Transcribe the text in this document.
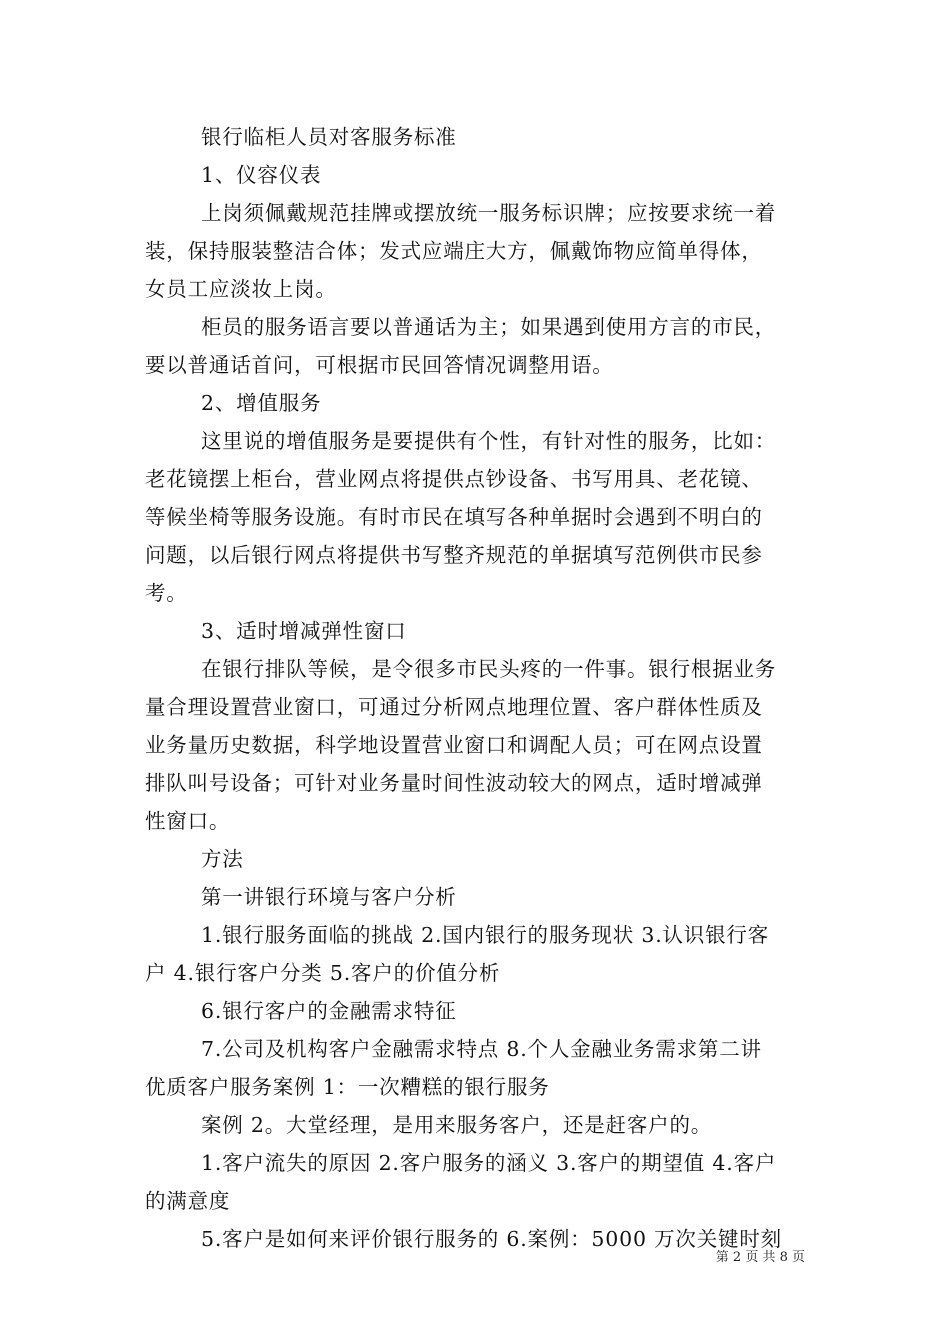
银行临柜人员对客服务标准

1、仪容仪表

上岗须佩戴规范挂牌或摆放统一服务标识牌；应按要求统一着

装，保持服装整洁合体；发式应端庄大方，佩戴饰物应简单得体，

女员工应淡妆上岗。

柜员的服务语言要以普通话为主；如果遇到使用方言的市民，

要以普通话首问，可根据市民回答情况调整用语。

2、增值服务

这里说的增值服务是要提供有个性，有针对性的服务，比如：

老花镜摆上柜台，营业网点将提供点钞设备、书写用具、老花镜、

等候坐椅等服务设施。有时市民在填写各种单据时会遇到不明白的

问题，以后银行网点将提供书写整齐规范的单据填写范例供市民参

考。

3、适时增减弹性窗口

在银行排队等候，是令很多市民头疼的一件事。银行根据业务

量合理设置营业窗口，可通过分析网点地理位置、客户群体性质及

业务量历史数据，科学地设置营业窗口和调配人员；可在网点设置

排队叫号设备；可针对业务量时间性波动较大的网点，适时增减弹

性窗口。

方法

第一讲银行环境与客户分析

1.银行服务面临的挑战 2.国内银行的服务现状 3.认识银行客

户 4.银行客户分类 5.客户的价值分析

6.银行客户的金融需求特征

7.公司及机构客户金融需求特点 8.个人金融业务需求第二讲

优质客户服务案例 1：一次糟糕的银行服务

案例 2。大堂经理，是用来服务客户，还是赶客户的。

1.客户流失的原因 2.客户服务的涵义 3.客户的期望值 4.客户

的满意度

5.客户是如何来评价银行服务的 6.案例：5000 万次关键时刻

第 2 页 共 8 页
